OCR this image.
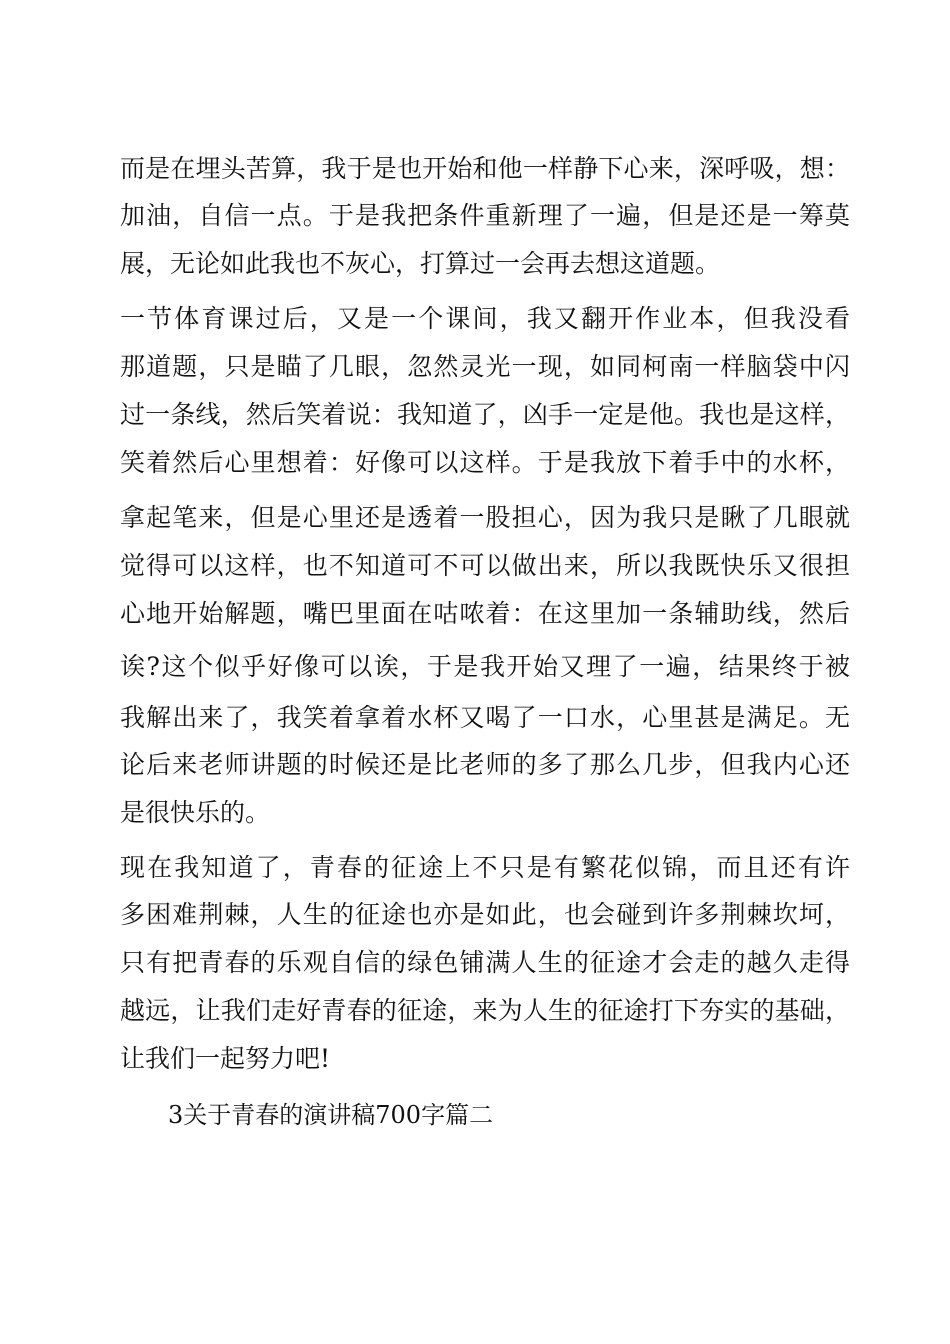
而是在埋头苦算，我于是也开始和他一样静下心来，深呼吸，想：
加油，自信一点。于是我把条件重新理了一遍，但是还是一筹莫
展，无论如此我也不灰心，打算过一会再去想这道题。
一节体育课过后，又是一个课间，我又翻开作业本，但我没看
那道题，只是瞄了几眼，忽然灵光一现，如同柯南一样脑袋中闪
过一条线，然后笑着说：我知道了，凶手一定是他。我也是这样，
笑着然后心里想着：好像可以这样。于是我放下着手中的水杯，
拿起笔来，但是心里还是透着一股担心，因为我只是瞅了几眼就
觉得可以这样，也不知道可不可以做出来，所以我既快乐又很担
心地开始解题，嘴巴里面在咕哝着：在这里加一条辅助线，然后
诶?这个似乎好像可以诶，于是我开始又理了一遍，结果终于被
我解出来了，我笑着拿着水杯又喝了一口水，心里甚是满足。无
论后来老师讲题的时候还是比老师的多了那么几步，但我内心还
是很快乐的。
现在我知道了，青春的征途上不只是有繁花似锦，而且还有许
多困难荆棘，人生的征途也亦是如此，也会碰到许多荆棘坎坷，
只有把青春的乐观自信的绿色铺满人生的征途才会走的越久走得
越远，让我们走好青春的征途，来为人生的征途打下夯实的基础，
让我们一起努力吧!
3关于青春的演讲稿700字篇二
